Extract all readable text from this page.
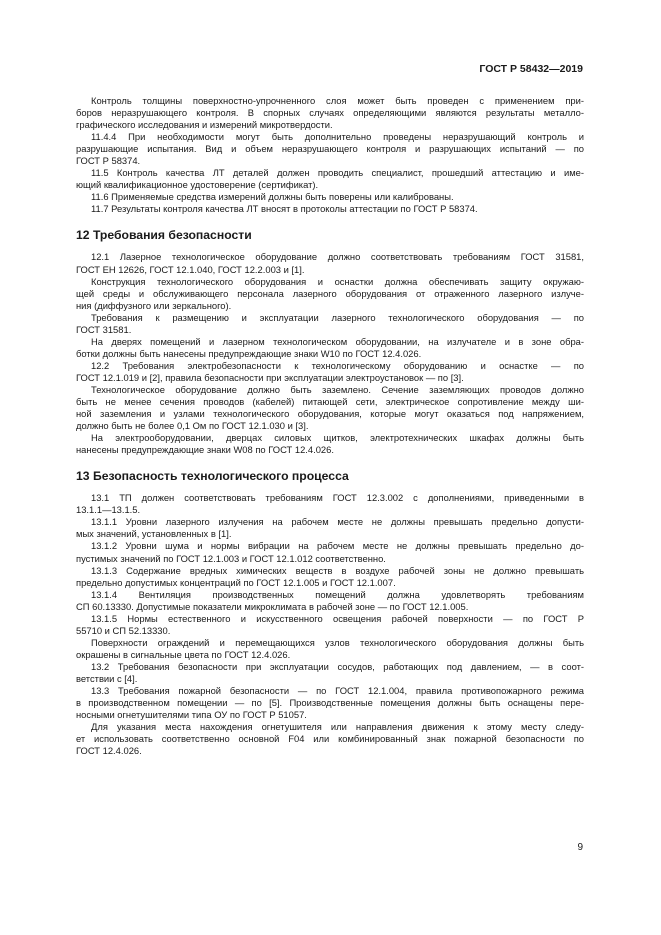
ГОСТ Р 58432—2019
Контроль толщины поверхностно-упрочненного слоя может быть проведен с применением при-
боров неразрушающего контроля. В спорных случаях определяющими являются результаты металло-
графического исследования и измерений микротвердости.
11.4.4 При необходимости могут быть дополнительно проведены неразрушающий контроль и
разрушающие испытания. Вид и объем неразрушающего контроля и разрушающих испытаний — по
ГОСТ Р 58374.
11.5 Контроль качества ЛТ деталей должен проводить специалист, прошедший аттестацию и име-
ющий квалификационное удостоверение (сертификат).
11.6 Применяемые средства измерений должны быть поверены или калиброваны.
11.7 Результаты контроля качества ЛТ вносят в протоколы аттестации по ГОСТ Р 58374.
12 Требования безопасности
12.1 Лазерное технологическое оборудование должно соответствовать требованиям ГОСТ 31581,
ГОСТ ЕН 12626, ГОСТ 12.1.040, ГОСТ 12.2.003 и [1].
Конструкция технологического оборудования и оснастки должна обеспечивать защиту окружаю-
щей среды и обслуживающего персонала лазерного оборудования от отраженного лазерного излуче-
ния (диффузного или зеркального).
Требования к размещению и эксплуатации лазерного технологического оборудования — по
ГОСТ 31581.
На дверях помещений и лазерном технологическом оборудовании, на излучателе и в зоне обра-
ботки должны быть нанесены предупреждающие знаки W10 по ГОСТ 12.4.026.
12.2 Требования электробезопасности к технологическому оборудованию и оснастке — по
ГОСТ 12.1.019 и [2], правила безопасности при эксплуатации электроустановок — по [3].
Технологическое оборудование должно быть заземлено. Сечение заземляющих проводов должно
быть не менее сечения проводов (кабелей) питающей сети, электрическое сопротивление между ши-
ной заземления и узлами технологического оборудования, которые могут оказаться под напряжением,
должно быть не более 0,1 Ом по ГОСТ 12.1.030 и [3].
На электрооборудовании, дверцах силовых щитков, электротехнических шкафах должны быть
нанесены предупреждающие знаки W08 по ГОСТ 12.4.026.
13 Безопасность технологического процесса
13.1 ТП должен соответствовать требованиям ГОСТ 12.3.002 с дополнениями, приведенными в
13.1.1—13.1.5.
13.1.1 Уровни лазерного излучения на рабочем месте не должны превышать предельно допусти-
мых значений, установленных в [1].
13.1.2 Уровни шума и нормы вибрации на рабочем месте не должны превышать предельно до-
пустимых значений по ГОСТ 12.1.003 и ГОСТ 12.1.012 соответственно.
13.1.3 Содержание вредных химических веществ в воздухе рабочей зоны не должно превышать
предельно допустимых концентраций по ГОСТ 12.1.005 и ГОСТ 12.1.007.
13.1.4 Вентиляция производственных помещений должна удовлетворять требованиям
СП 60.13330. Допустимые показатели микроклимата в рабочей зоне — по ГОСТ 12.1.005.
13.1.5 Нормы естественного и искусственного освещения рабочей поверхности — по ГОСТ Р
55710 и СП 52.13330.
Поверхности ограждений и перемещающихся узлов технологического оборудования должны быть
окрашены в сигнальные цвета по ГОСТ 12.4.026.
13.2 Требования безопасности при эксплуатации сосудов, работающих под давлением, — в соот-
ветствии с [4].
13.3 Требования пожарной безопасности — по ГОСТ 12.1.004, правила противопожарного режима
в производственном помещении — по [5]. Производственные помещения должны быть оснащены пере-
носными огнетушителями типа ОУ по ГОСТ Р 51057.
Для указания места нахождения огнетушителя или направления движения к этому месту следу-
ет использовать соответственно основной F04 или комбинированный знак пожарной безопасности по
ГОСТ 12.4.026.
9
